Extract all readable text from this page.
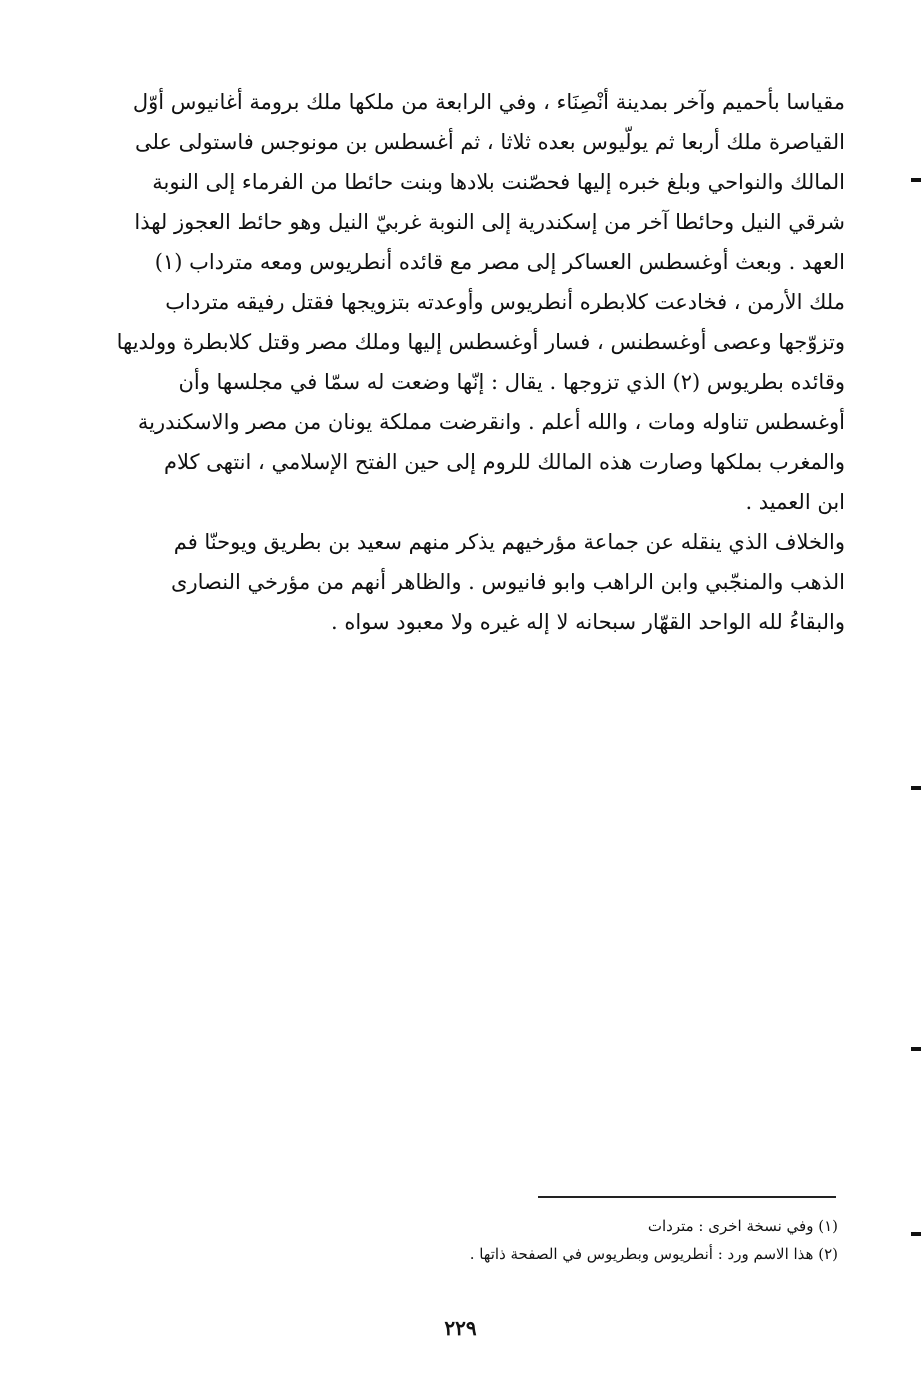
مقياسا بأحميم وآخر بمدينة أنْصِنَاء ، وفي الرابعة من ملكها ملك برومة أغانيوس أوّل
القياصرة ملك أربعا ثم يولّيوس بعده ثلاثا ، ثم أغسطس بن مونوجس فاستولى على
المالك والنواحي وبلغ خبره إليها فحصّنت بلادها وبنت حائطا من الفرماء إلى النوبة
شرقي النيل وحائطا آخر من إسكندرية إلى النوبة غربيّ النيل وهو حائط العجوز لهذا
العهد . وبعث أوغسطس العساكر إلى مصر مع قائده أنطريوس ومعه مترداب (١)
ملك الأرمن ، فخادعت كلابطره أنطريوس وأوعدته بتزويجها فقتل رفيقه مترداب
وتزوّجها وعصى أوغسطنس ، فسار أوغسطس إليها وملك مصر وقتل كلابطرة وولديها
وقائده بطريوس (٢) الذي تزوجها . يقال : إنّها وضعت له سمّا في مجلسها وأن
أوغسطس تناوله ومات ، والله أعلم . وانقرضت مملكة يونان من مصر والاسكندرية
والمغرب بملكها وصارت هذه المالك للروم إلى حين الفتح الإسلامي ، انتهى كلام
ابن العميد .
والخلاف الذي ينقله عن جماعة مؤرخيهم يذكر منهم سعيد بن بطريق ويوحنّا فم
الذهب والمنجّبي وابن الراهب وابو فانيوس . والظاهر أنهم من مؤرخي النصارى
والبقاءُ لله الواحد القهّار سبحانه لا إله غيره ولا معبود سواه .
(١) وفي نسخة اخرى : متردات
(٢) هذا الاسم ورد : أنطريوس وبطريوس في الصفحة ذاتها .
٢٢٩
